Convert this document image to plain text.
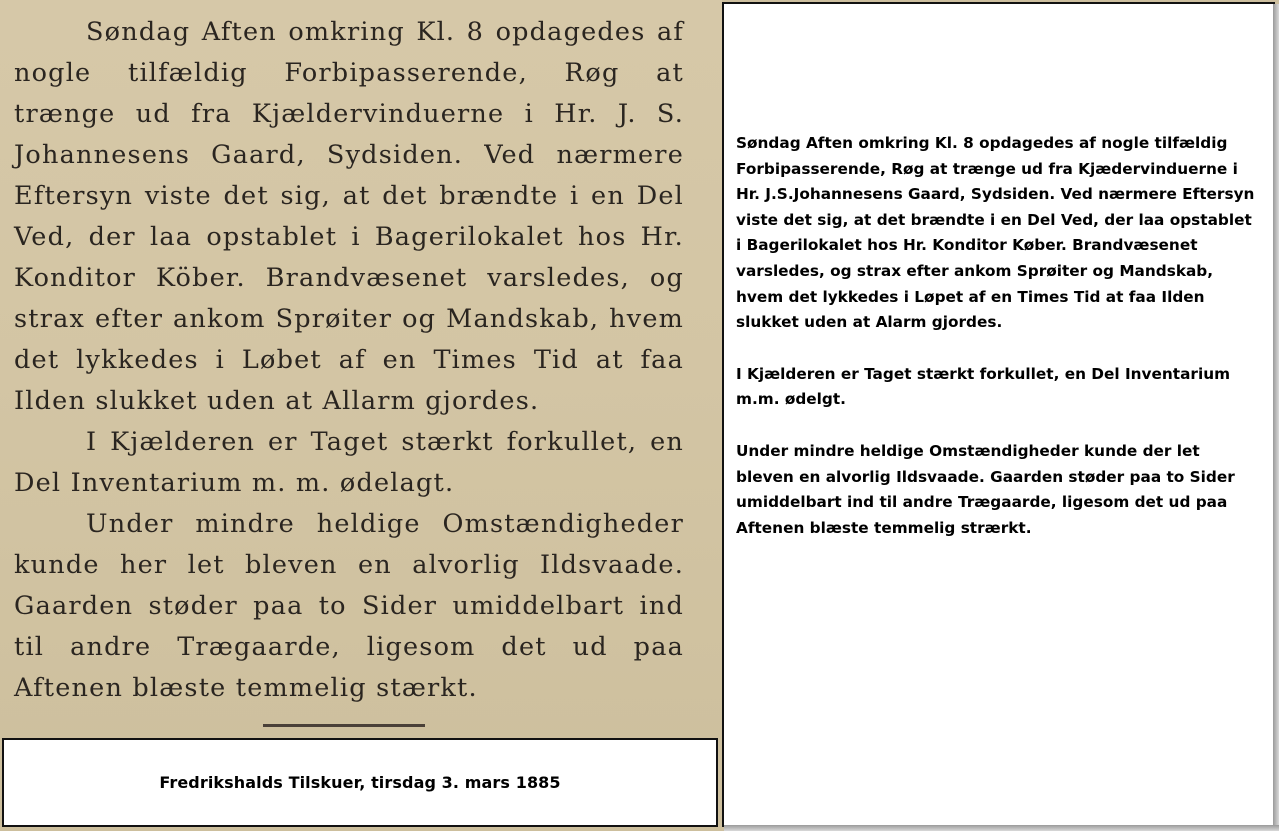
Søndag Aften omkring Kl. 8 opdagedes af nogle tilfældig Forbipasserende, Røg at trænge ud fra Kjældervinduerne i Hr. J. S. Johannesens Gaard, Sydsiden. Ved nærmere Eftersyn viste det sig, at det brændte i en Del Ved, der laa opstablet i Bagerilokalet hos Hr. Konditor Köber. Brandvæsenet varsledes, og strax efter ankom Sprøiter og Mandskab, hvem det lykkedes i Løbet af en Times Tid at faa Ilden slukket uden at Allarm gjordes.

I Kjælderen er Taget stærkt forkullet, en Del Inventarium m. m. ødelagt.

Under mindre heldige Omstændigheder kunde her let bleven en alvorlig Ildsvaade. Gaarden støder paa to Sider umiddelbart ind til andre Trægaarde, ligesom det ud paa Aftenen blæste temmelig stærkt.

Fredrikshalds Tilskuer, tirsdag 3. mars 1885

Søndag Aften omkring Kl. 8 opdagedes af nogle tilfældig Forbipasserende, Røg at trænge ud fra Kjædervinduerne i Hr. J.S.Johannesens Gaard, Sydsiden. Ved nærmere Eftersyn viste det sig, at det brændte i en Del Ved, der laa opstablet i Bagerilokalet hos Hr. Konditor Køber. Brandvæsenet varsledes, og strax efter ankom Sprøiter og Mandskab, hvem det lykkedes i Løpet af en Times Tid at faa Ilden slukket uden at Alarm gjordes.

I Kjælderen er Taget stærkt forkullet, en Del Inventarium m.m. ødelgt.

Under mindre heldige Omstændigheder kunde der let bleven en alvorlig Ildsvaade. Gaarden støder paa to Sider umiddelbart ind til andre Trægaarde, ligesom det ud paa Aftenen blæste temmelig strærkt.
